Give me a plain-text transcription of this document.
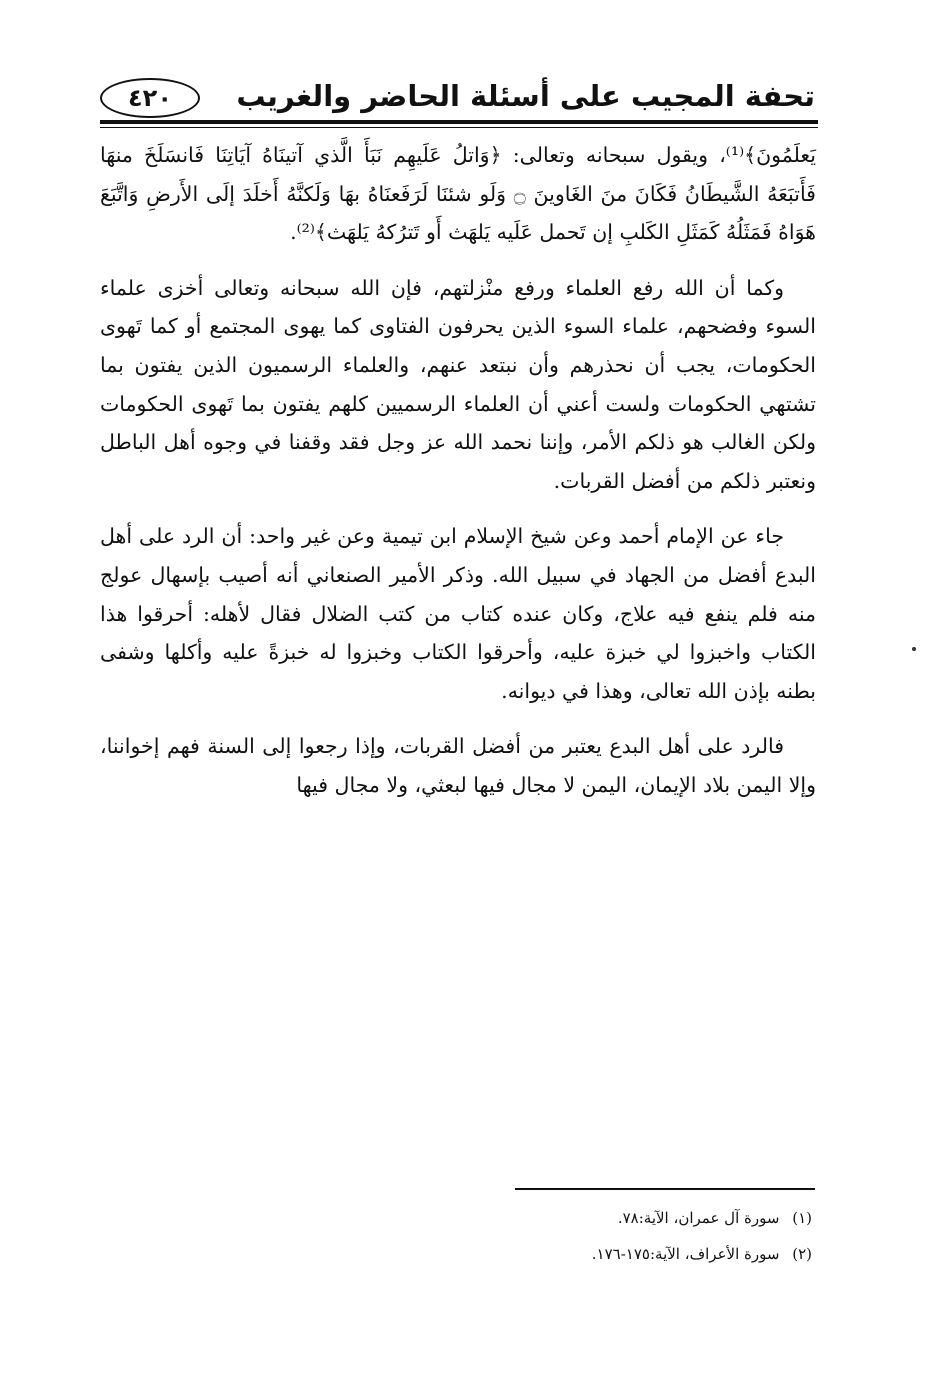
تحفة المجيب على أسئلة الحاضر والغريب
٤٢٠

يَعلَمُونَ﴾⁽¹⁾، ويقول سبحانه وتعالى: ﴿وَاتلُ عَلَيهِم نَبَأَ الَّذي آتينَاهُ آيَاتِنَا فَانسَلَخَ منهَا فَأَتبَعَهُ الشَّيطَانُ فَكَانَ منَ الغَاوينَ ۝ وَلَو شئنَا لَرَفَعنَاهُ بهَا وَلَكنَّهُ أَخلَدَ إلَى الأَرضِ وَاتَّبَعَ هَوَاهُ فَمَثَلُهُ كَمَثَلِ الكَلبِ إن تَحمل عَلَيه يَلهَث أَو تَترُكهُ يَلهَث﴾⁽²⁾.

وكما أن الله رفع العلماء ورفع منْزلتهم، فإن الله سبحانه وتعالى أخزى علماء السوء وفضحهم، علماء السوء الذين يحرفون الفتاوى كما يهوى المجتمع أو كما تَهوى الحكومات، يجب أن نحذرهم وأن نبتعد عنهم، والعلماء الرسميون الذين يفتون بما تشتهي الحكومات ولست أعني أن العلماء الرسميين كلهم يفتون بما تَهوى الحكومات ولكن الغالب هو ذلكم الأمر، وإننا نحمد الله عز وجل فقد وقفنا في وجوه أهل الباطل ونعتبر ذلكم من أفضل القربات.

جاء عن الإمام أحمد وعن شيخ الإسلام ابن تيمية وعن غير واحد: أن الرد على أهل البدع أفضل من الجهاد في سبيل الله. وذكر الأمير الصنعاني أنه أصيب بإسهال عولج منه فلم ينفع فيه علاج، وكان عنده كتاب من كتب الضلال فقال لأهله: أحرقوا هذا الكتاب واخبزوا لي خبزة عليه، وأحرقوا الكتاب وخبزوا له خبزةً عليه وأكلها وشفى بطنه بإذن الله تعالى، وهذا في ديوانه.

فالرد على أهل البدع يعتبر من أفضل القربات، وإذا رجعوا إلى السنة فهم إخواننا، وإلا اليمن بلاد الإيمان، اليمن لا مجال فيها لبعثي، ولا مجال فيها

(١) سورة آل عمران، الآية:٧٨.
(٢) سورة الأعراف، الآية:١٧٥-١٧٦.
